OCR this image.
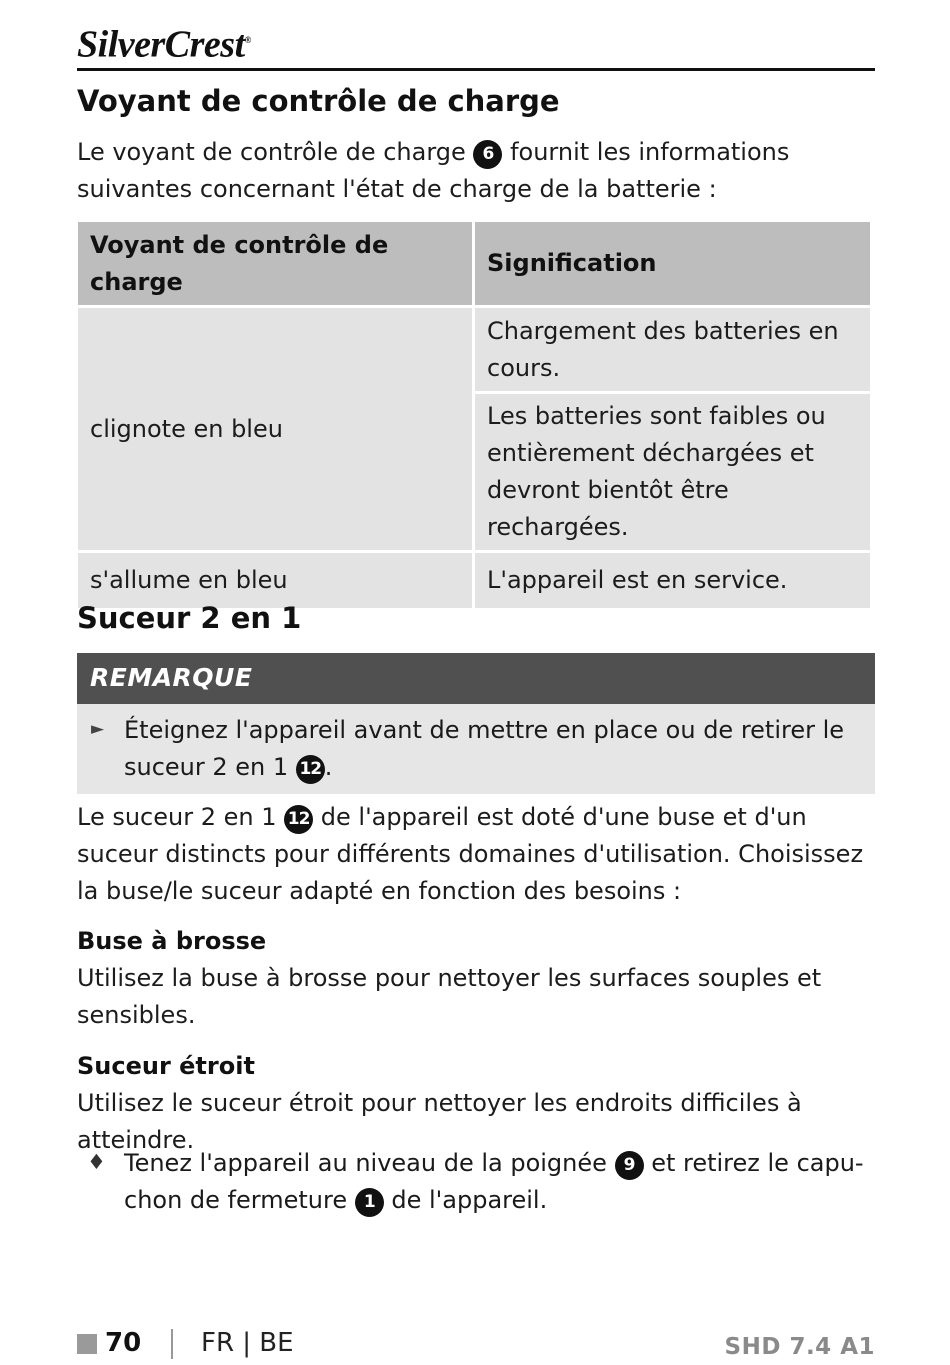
SilverCrest®
Voyant de contrôle de charge

Le voyant de contrôle de charge 6 fournit les informations suivantes concernant l'état de charge de la batterie :

Voyant de contrôle de charge	Signification
clignote en bleu	Chargement des batteries en cours.
	Les batteries sont faibles ou entièrement déchargées et devront bientôt être rechargées.
s'allume en bleu	L'appareil est en service.
Suceur 2 en 1
REMARQUE
► Éteignez l'appareil avant de mettre en place ou de retirer le suceur 2 en 1 12 .

Le suceur 2 en 1 12 de l'appareil est doté d'une buse et d'un suceur distincts pour différents domaines d'utilisation. Choisissez la buse/le suceur adapté en fonction des besoins :

Buse à brosse

Utilisez la buse à brosse pour nettoyer les surfaces souples et sensibles.

Suceur étroit

Utilisez le suceur étroit pour nettoyer les endroits difficiles à atteindre.

♦ Tenez l'appareil au niveau de la poignée 9 et retirez le capuchon de fermeture 1 de l'appareil.

70 FR | BE	SHD 7.4 A1
